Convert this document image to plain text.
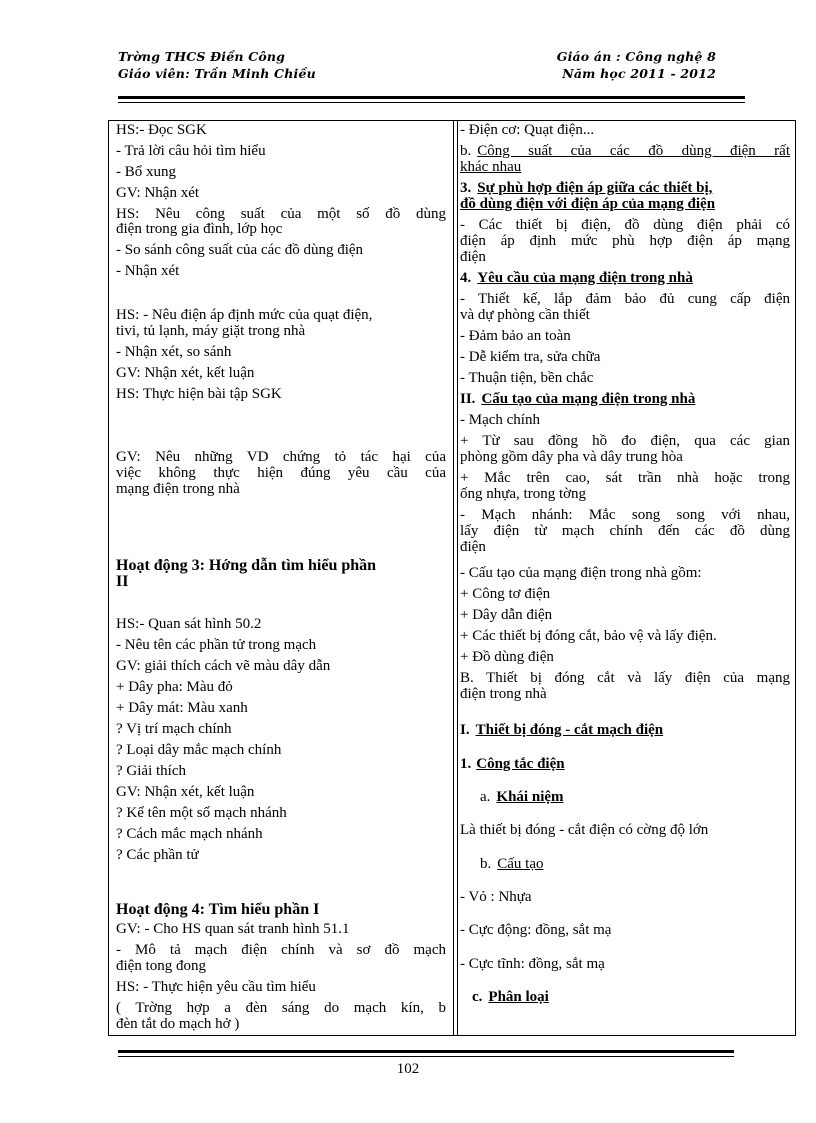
Trờng THCS Điền Công
Giáo viên: Trần Minh Chiều
Giáo án : Công nghệ 8
Năm học 2011 - 2012
HS:- Đọc SGK
- Trả lời câu hỏi tìm hiểu
- Bổ xung
GV: Nhận xét
HS: Nêu công suất của một số đồ dùng
điện trong gia đình, lớp học
- So sánh công suất của các đồ dùng điện
- Nhận xét
HS: - Nêu điện áp định mức của quạt điện,
tivi, tủ lạnh, máy giặt trong nhà
- Nhận xét, so sánh
GV: Nhận xét, kết luận
HS: Thực hiện bài tập SGK
GV: Nêu những VD chứng tỏ tác hại của
việc không thực hiện đúng yêu cầu của
mạng điện trong nhà
Hoạt động 3: Hớng dẫn tìm hiểu phần
II
HS:- Quan sát hình 50.2
- Nêu tên các phần tử trong mạch
GV: giải thích cách vẽ màu dây dẫn
+ Dây pha: Màu đỏ
+ Dây mát: Màu xanh
? Vị trí mạch chính
? Loại dây mắc mạch chính
? Giải thích
GV: Nhận xét, kết luận
? Kể tên một số mạch nhánh
? Cách mắc mạch nhánh
? Các phần tử
Hoạt động 4: Tìm hiểu phần I
GV: - Cho HS quan sát tranh hình 51.1
- Mô tả mạch điện chính và sơ đồ mạch
điện tong đong
HS: - Thực hiện yêu cầu tìm hiểu
( Trờng hợp a đèn sáng do mạch kín, b
đèn tắt do mạch hở )
- Điện cơ: Quạt điện...
b. Công suất của các đồ dùng điện rất
khác nhau
3. Sự phù hợp điện áp giữa các thiết bị,
đồ dùng điện với điện áp của mạng điện
- Các thiết bị điện, đồ dùng điện phải có
điện áp định mức phù hợp điện áp mạng
điện
4. Yêu cầu của mạng điện trong nhà
- Thiết kế, lắp đảm bảo đủ cung cấp điện
và dự phòng cần thiết
- Đảm bảo an toàn
- Dễ kiểm tra, sửa chữa
- Thuận tiện, bền chắc
II. Cấu tạo của mạng điện trong nhà
- Mạch chính
+ Từ sau đồng hồ đo điện, qua các gian
phòng gồm dây pha và dây trung hòa
+ Mắc trên cao, sát trần nhà hoặc trong
ống nhựa, trong tờng
- Mạch nhánh: Mắc song song với nhau,
lấy điện từ mạch chính đến các đồ dùng
điện
- Cấu tạo của mạng điện trong nhà gồm:
+ Công tơ điện
+ Dây dẫn điện
+ Các thiết bị đóng cắt, bảo vệ và lấy điện.
+ Đồ dùng điện
B. Thiết bị đóng cắt và lấy điện của mạng
điện trong nhà
I. Thiết bị đóng - cắt mạch điện
1. Công tắc điện
a. Khái niệm
Là thiết bị đóng - cắt điện có cờng độ lớn
b. Cấu tạo
- Vỏ : Nhựa
- Cực động: đồng, sắt mạ
- Cực tĩnh: đồng, sắt mạ
c. Phân loại
102
